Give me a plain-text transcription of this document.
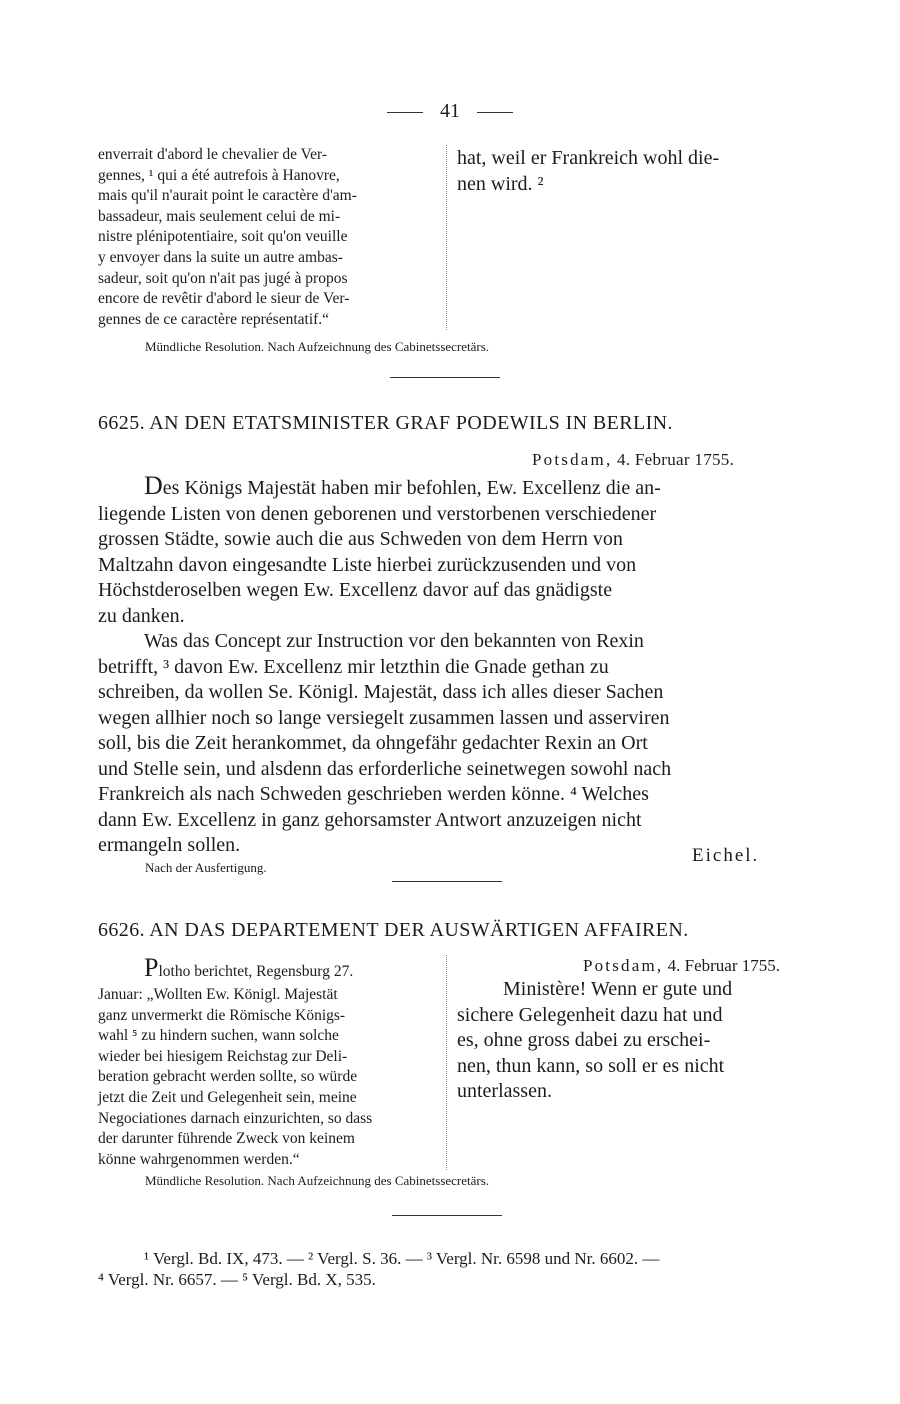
41
enverrait d'abord le chevalier de Ver-
gennes, ¹ qui a été autrefois à Hanovre,
mais qu'il n'aurait point le caractère d'am-
bassadeur, mais seulement celui de mi-
nistre plénipotentiaire, soit qu'on veuille
y envoyer dans la suite un autre ambas-
sadeur, soit qu'on n'ait pas jugé à propos
encore de revêtir d'abord le sieur de Ver-
gennes de ce caractère représentatif.“
hat, weil er Frankreich wohl die-
nen wird. ²
Mündliche Resolution. Nach Aufzeichnung des Cabinetssecretärs.
6625. AN DEN ETATSMINISTER GRAF PODEWILS IN BERLIN.
Potsdam, 4. Februar 1755.
Des Königs Majestät haben mir befohlen, Ew. Excellenz die an-
liegende Listen von denen geborenen und verstorbenen verschiedener
grossen Städte, sowie auch die aus Schweden von dem Herrn von
Maltzahn davon eingesandte Liste hierbei zurückzusenden und von
Höchstderoselben wegen Ew. Excellenz davor auf das gnädigste
zu danken.
Was das Concept zur Instruction vor den bekannten von Rexin
betrifft, ³ davon Ew. Excellenz mir letzthin die Gnade gethan zu
schreiben, da wollen Se. Königl. Majestät, dass ich alles dieser Sachen
wegen allhier noch so lange versiegelt zusammen lassen und asserviren
soll, bis die Zeit herankommet, da ohngefähr gedachter Rexin an Ort
und Stelle sein, und alsdenn das erforderliche seinetwegen sowohl nach
Frankreich als nach Schweden geschrieben werden könne. ⁴ Welches
dann Ew. Excellenz in ganz gehorsamster Antwort anzuzeigen nicht
ermangeln sollen.	Eichel.
Nach der Ausfertigung.
6626. AN DAS DEPARTEMENT DER AUSWÄRTIGEN AFFAIREN.
Plotho berichtet, Regensburg 27.
Januar: „Wollten Ew. Königl. Majestät
ganz unvermerkt die Römische Königs-
wahl ⁵ zu hindern suchen, wann solche
wieder bei hiesigem Reichstag zur Deli-
beration gebracht werden sollte, so würde
jetzt die Zeit und Gelegenheit sein, meine
Negociationes darnach einzurichten, so dass
der darunter führende Zweck von keinem
könne wahrgenommen werden.“
Potsdam, 4. Februar 1755.
Ministère! Wenn er gute und
sichere Gelegenheit dazu hat und
es, ohne gross dabei zu erschei-
nen, thun kann, so soll er es nicht
unterlassen.
Mündliche Resolution. Nach Aufzeichnung des Cabinetssecretärs.
¹ Vergl. Bd. IX, 473. — ² Vergl. S. 36. — ³ Vergl. Nr. 6598 und Nr. 6602. —
⁴ Vergl. Nr. 6657. — ⁵ Vergl. Bd. X, 535.
